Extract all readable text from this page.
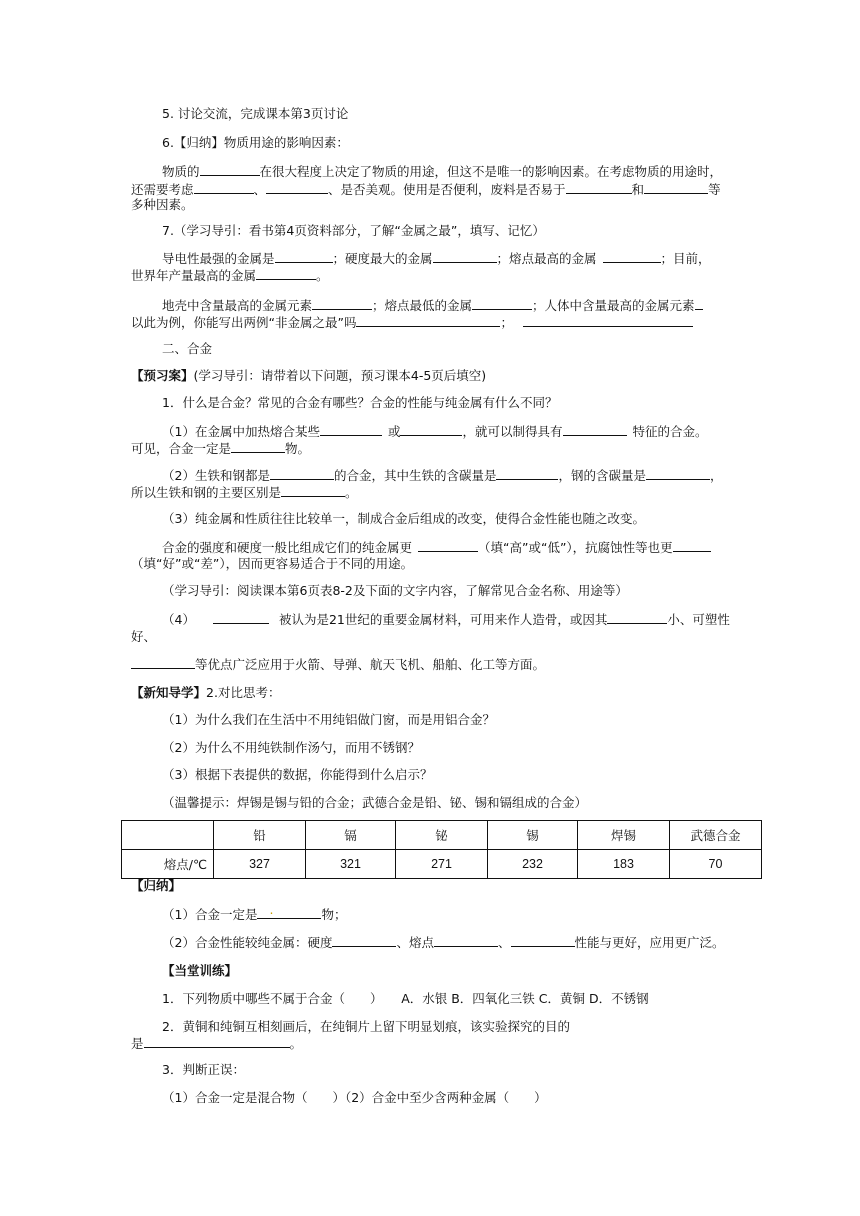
5. 讨论交流，完成课本第3页讨论
6.【归纳】物质用途的影响因素：
物质的	在很大程度上决定了物质的用途，但这不是唯一的影响因素。在考虑物质的用途时，
还需要考虑	、	、是否美观。使用是否便利，废料是否易于	和	等
多种因素。
7.（学习导引：看书第4页资料部分，了解“金属之最”，填写、记忆）
导电性最强的金属是	；硬度最大的金属	；熔点最高的金属	；目前，
世界年产量最高的金属	。
地壳中含量最高的金属元素	；熔点最低的金属	；人体中含量最高的金属元素
以此为例，你能写出两例“非金属之最”吗	；
二、合金
【预习案】(学习导引：请带着以下问题，预习课本4-5页后填空)
1．什么是合金？常见的合金有哪些？合金的性能与纯金属有什么不同？
（1）在金属中加热熔合某些	或	，就可以制得具有	特征的合金。
可见，合金一定是	物。
（2）生铁和钢都是	的合金，其中生铁的含碳量是	，钢的含碳量是	，
所以生铁和钢的主要区别是	。
（3）纯金属和性质往往比较单一，制成合金后组成的改变，使得合金性能也随之改变。
合金的强度和硬度一般比组成它们的纯金属更	（填“高”或“低”），抗腐蚀性等也更
（填“好”或“差”），因而更容易适合于不同的用途。
（学习导引：阅读课本第6页表8-2及下面的文字内容，了解常见合金名称、用途等）
（4）	被认为是21世纪的重要金属材料，可用来作人造骨，或因其	小、可塑性
好、
等优点广泛应用于火箭、导弹、航天飞机、船舶、化工等方面。
【新知导学】2.对比思考：
（1）为什么我们在生活中不用纯铝做门窗，而是用铝合金？
（2）为什么不用纯铁制作汤勺，而用不锈钢？
（3）根据下表提供的数据，你能得到什么启示？
（温馨提示：焊锡是锡与铅的合金；武德合金是铅、铋、锡和镉组成的合金）
	铅	镉	铋	锡	焊锡	武德合金
熔点/℃	327	321	271	232	183	70
【归纳】
（1）合金一定是 .	物；
（2）合金性能较纯金属：硬度	、熔点	、	性能与更好，应用更广泛。
【当堂训练】
1．下列物质中哪些不属于合金（　　）　　A．水银 B．四氧化三铁 C．黄铜 D．不锈钢
2．黄铜和纯铜互相刻画后，在纯铜片上留下明显划痕，该实验探究的目的
是	。
3．判断正误：
（1）合金一定是混合物（　　）（2）合金中至少含两种金属（　　）
